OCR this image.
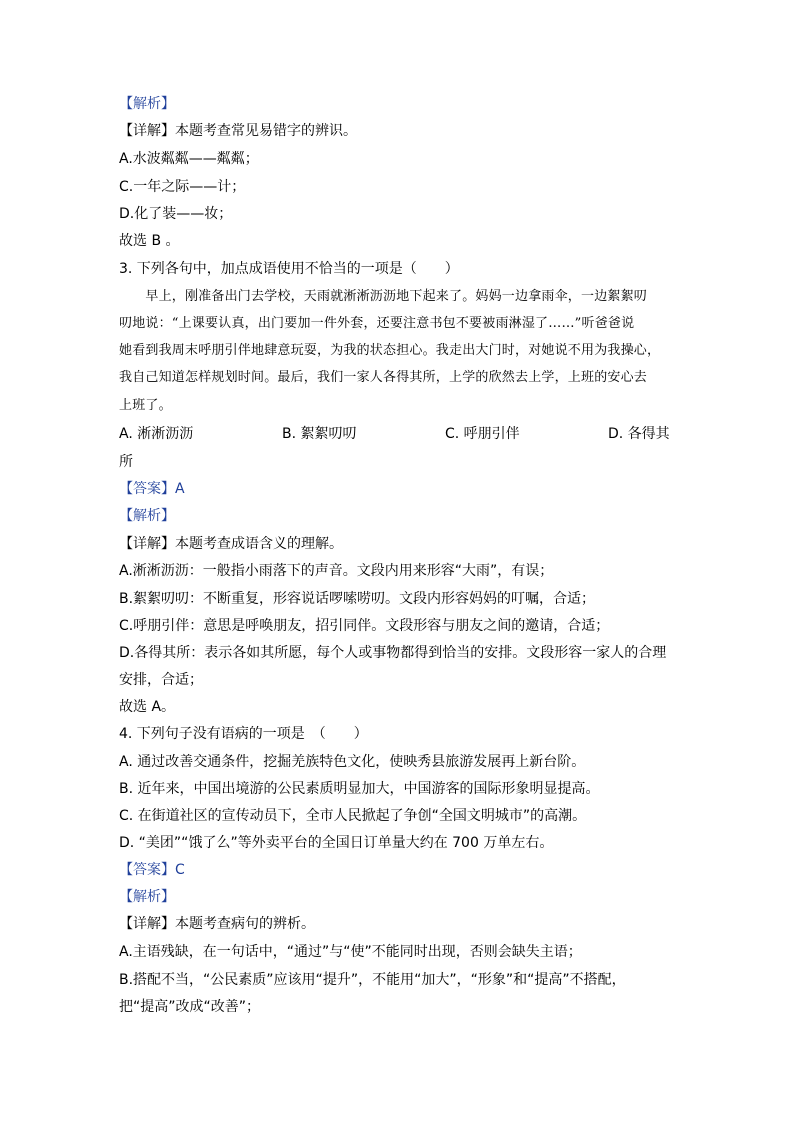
【解析】
【详解】本题考查常见易错字的辨识。
A.水波粼粼——粼粼；
C.一年之际——计；
D.化了装——妆；
故选 B 。
3. 下列各句中，加点成语使用不恰当的一项是（　　）
　　早上，刚准备出门去学校，天雨就淅淅沥沥地下起来了。妈妈一边拿雨伞，一边絮絮叨
叨地说：“上课要认真，出门要加一件外套，还要注意书包不要被雨淋湿了……”听爸爸说
她看到我周末呼朋引伴地肆意玩耍，为我的状态担心。我走出大门时，对她说不用为我操心，
我自己知道怎样规划时间。最后，我们一家人各得其所，上学的欣然去上学，上班的安心去
上班了。
A. 淅淅沥沥	B. 絮絮叨叨	C. 呼朋引伴	D. 各得其
所
【答案】A
【解析】
【详解】本题考查成语含义的理解。
A.淅淅沥沥：一般指小雨落下的声音。文段内用来形容“大雨”，有误；
B.絮絮叨叨：不断重复，形容说话啰嗦唠叨。文段内形容妈妈的叮嘱，合适；
C.呼朋引伴：意思是呼唤朋友，招引同伴。文段形容与朋友之间的邀请，合适；
D.各得其所：表示各如其所愿，每个人或事物都得到恰当的安排。文段形容一家人的合理
安排，合适；
故选 A。
4. 下列句子没有语病的一项是　（　　）
A. 通过改善交通条件，挖掘羌族特色文化，使映秀县旅游发展再上新台阶。
B. 近年来，中国出境游的公民素质明显加大，中国游客的国际形象明显提高。
C. 在街道社区的宣传动员下，全市人民掀起了争创“全国文明城市”的高潮。
D. “美团”“饿了么”等外卖平台的全国日订单量大约在 700 万单左右。
【答案】C
【解析】
【详解】本题考查病句的辨析。
A.主语残缺，在一句话中，“通过”与“使”不能同时出现，否则会缺失主语；
B.搭配不当，“公民素质”应该用“提升”，不能用“加大”，“形象”和“提高”不搭配，
把“提高”改成“改善”；
